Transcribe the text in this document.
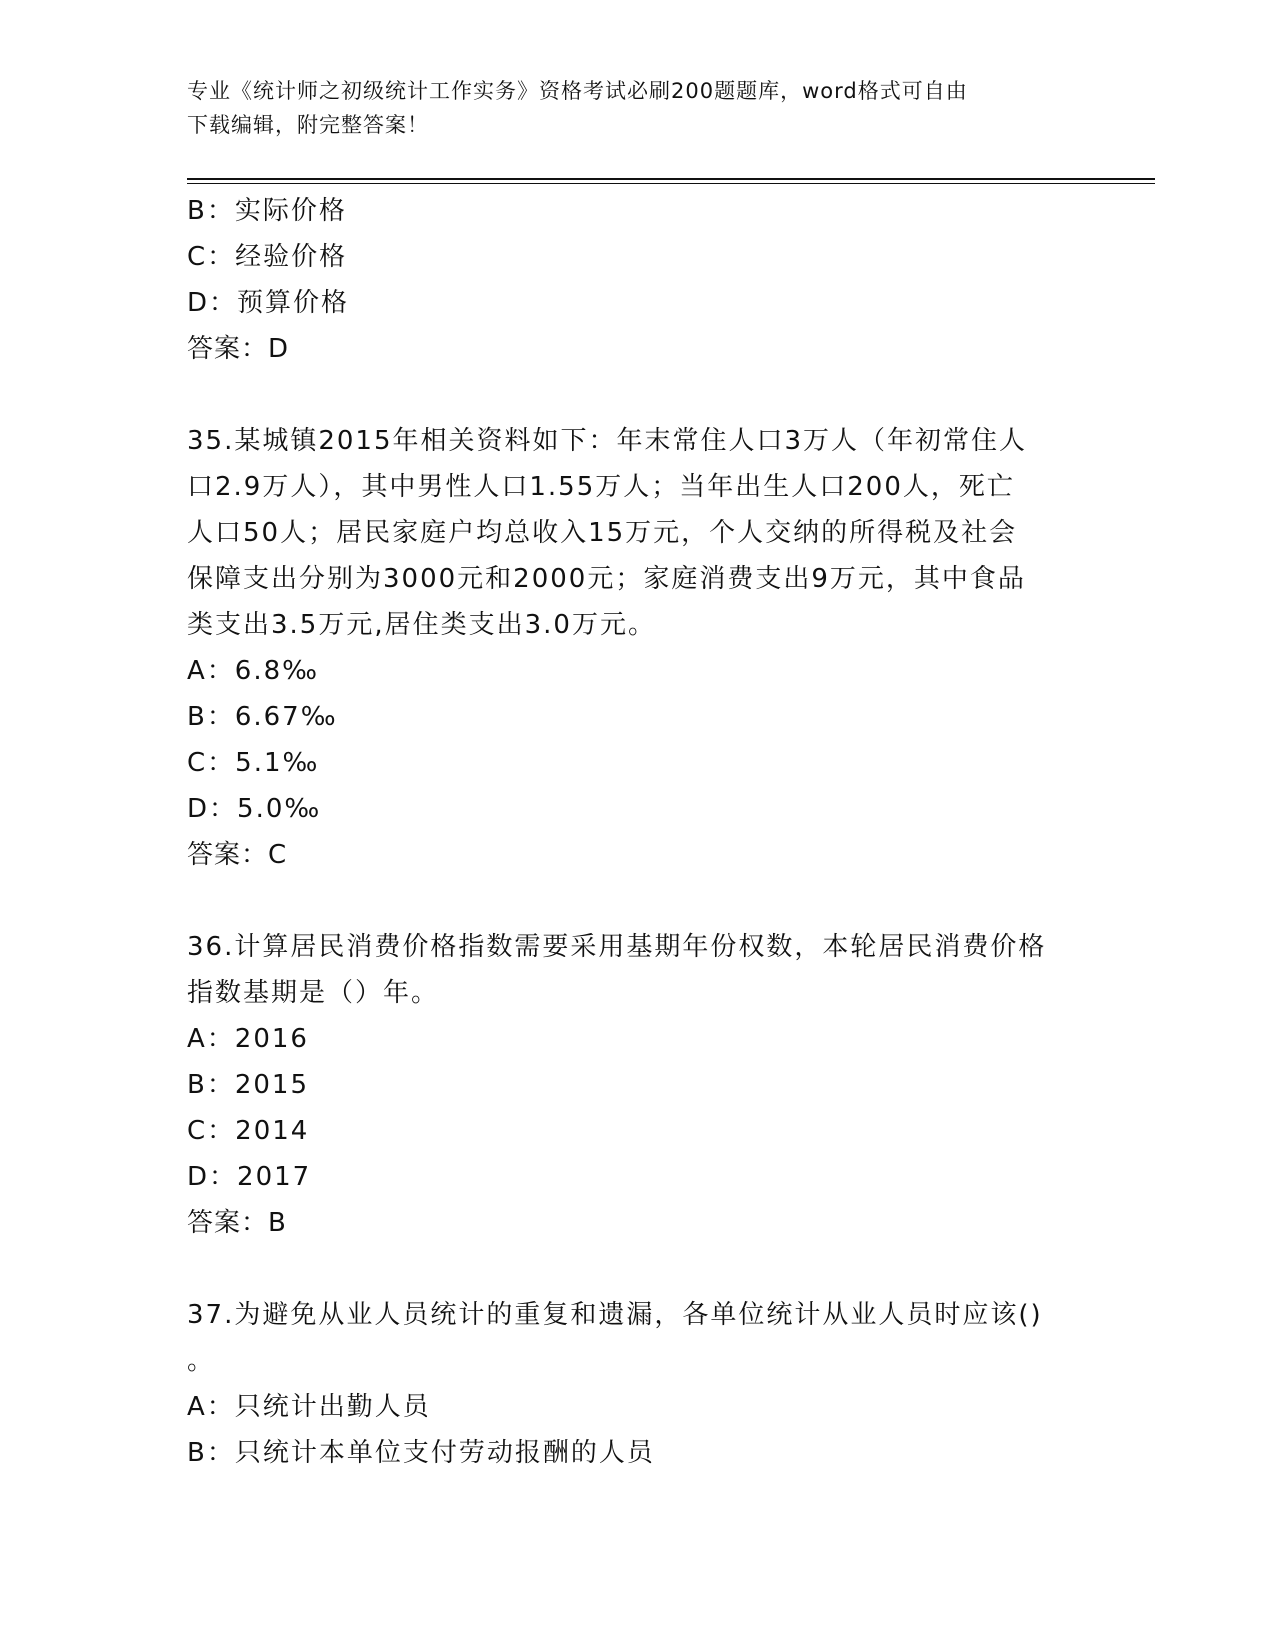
专业《统计师之初级统计工作实务》资格考试必刷200题题库，word格式可自由
下载编辑，附完整答案！

B：实际价格

C：经验价格

D：预算价格

答案：D

35.某城镇2015年相关资料如下：年末常住人口3万人（年初常住人

口2.9万人），其中男性人口1.55万人；当年出生人口200人，死亡

人口50人；居民家庭户均总收入15万元，个人交纳的所得税及社会

保障支出分别为3000元和2000元；家庭消费支出9万元，其中食品

类支出3.5万元,居住类支出3.0万元。

A：6.8‰

B：6.67‰

C：5.1‰

D：5.0‰

答案：C

36.计算居民消费价格指数需要采用基期年份权数，本轮居民消费价格

指数基期是（）年。

A：2016

B：2015

C：2014

D：2017

答案：B

37.为避免从业人员统计的重复和遗漏，各单位统计从业人员时应该()

。

A：只统计出勤人员

B：只统计本单位支付劳动报酬的人员
